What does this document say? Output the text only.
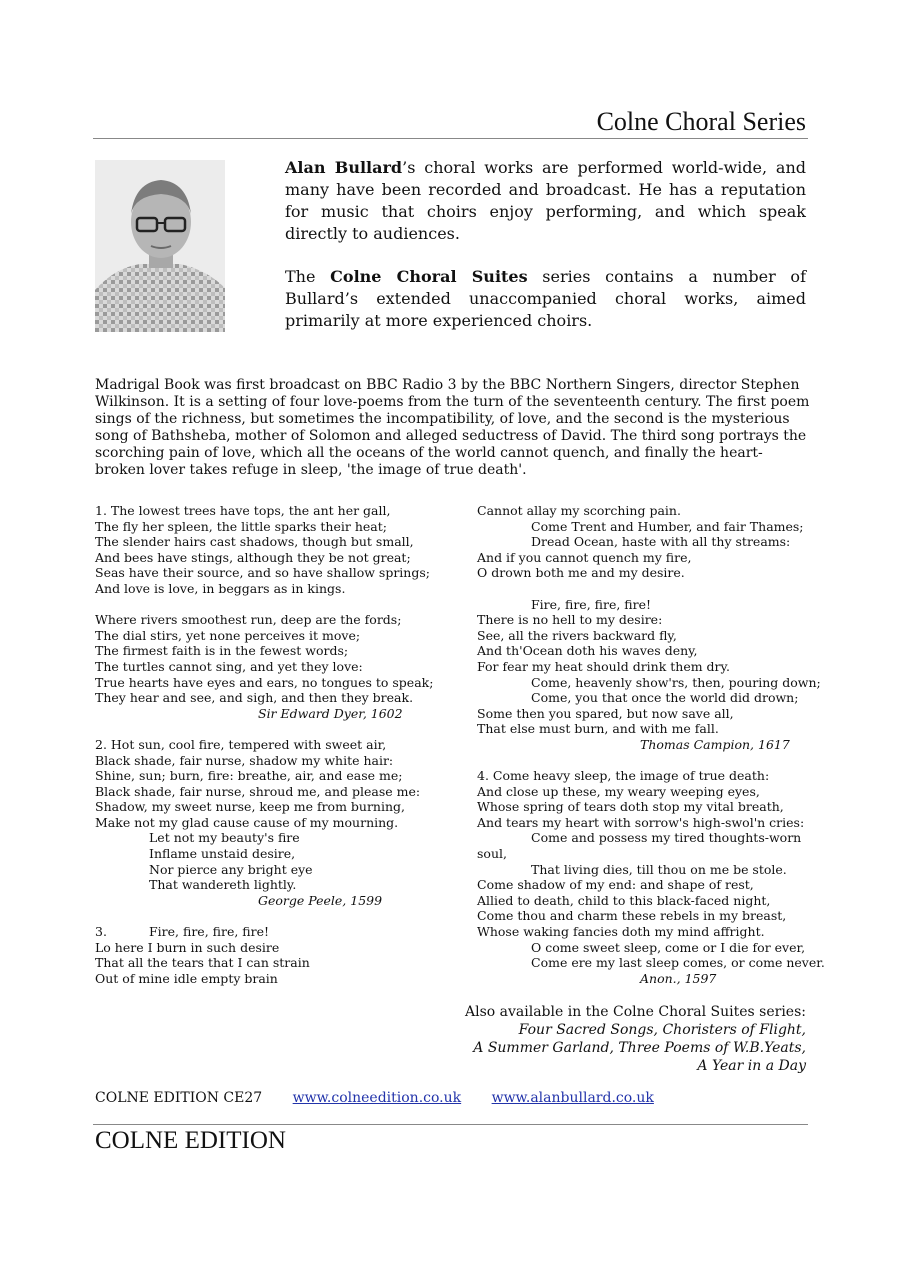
Colne Choral Series

Alan Bullard’s choral works are performed world-wide, and many have been recorded and broadcast. He has a reputation for music that choirs enjoy performing, and which speak directly to audiences.

The Colne Choral Suites series contains a number of Bullard’s extended unaccompanied choral works, aimed primarily at more experienced choirs.

Madrigal Book was first broadcast on BBC Radio 3 by the BBC Northern Singers, director Stephen Wilkinson. It is a setting of four love-poems from the turn of the seventeenth century. The first poem sings of the richness, but sometimes the incompatibility, of love, and the second is the mysterious song of Bathsheba, mother of Solomon and alleged seductress of David. The third song portrays the scorching pain of love, which all the oceans of the world cannot quench, and finally the heart-broken lover takes refuge in sleep, 'the image of true death'.
1. The lowest trees have tops, the ant her gall,
The fly her spleen, the little sparks their heat;
The slender hairs cast shadows, though but small,
And bees have stings, although they be not great;
Seas have their source, and so have shallow springs;
And love is love, in beggars as in kings.
Where rivers smoothest run, deep are the fords;
The dial stirs, yet none perceives it move;
The firmest faith is in the fewest words;
The turtles cannot sing, and yet they love:
True hearts have eyes and ears, no tongues to speak;
They hear and see, and sigh, and then they break.
Sir Edward Dyer, 1602
2. Hot sun, cool fire, tempered with sweet air,
Black shade, fair nurse, shadow my white hair:
Shine, sun; burn, fire: breathe, air, and ease me;
Black shade, fair nurse, shroud me, and please me:
Shadow, my sweet nurse, keep me from burning,
Make not my glad cause cause of my mourning.
Let not my beauty's fire
Inflame unstaid desire,
Nor pierce any bright eye
That wandereth lightly.
George Peele, 1599
3.	Fire, fire, fire, fire!
Lo here I burn in such desire
That all the tears that I can strain
Out of mine idle empty brain
Cannot allay my scorching pain.
Come Trent and Humber, and fair Thames;
Dread Ocean, haste with all thy streams:
And if you cannot quench my fire,
O drown both me and my desire.
Fire, fire, fire, fire!
There is no hell to my desire:
See, all the rivers backward fly,
And th'Ocean doth his waves deny,
For fear my heat should drink them dry.
Come, heavenly show'rs, then, pouring down;
Come, you that once the world did drown;
Some then you spared, but now save all,
That else must burn, and with me fall.
Thomas Campion, 1617
4. Come heavy sleep, the image of true death:
And close up these, my weary weeping eyes,
Whose spring of tears doth stop my vital breath,
And tears my heart with sorrow's high-swol'n cries:
Come and possess my tired thoughts-worn
soul,
That living dies, till thou on me be stole.
Come shadow of my end: and shape of rest,
Allied to death, child to this black-faced night,
Come thou and charm these rebels in my breast,
Whose waking fancies doth my mind affright.
O come sweet sleep, come or I die for ever,
Come ere my last sleep comes, or come never.
Anon., 1597
Also available in the Colne Choral Suites series:
Four Sacred Songs, Choristers of Flight,
A Summer Garland, Three Poems of W.B.Yeats,
A Year in a Day
COLNE EDITION CE27 www.colneedition.co.uk www.alanbullard.co.uk
COLNE EDITION
